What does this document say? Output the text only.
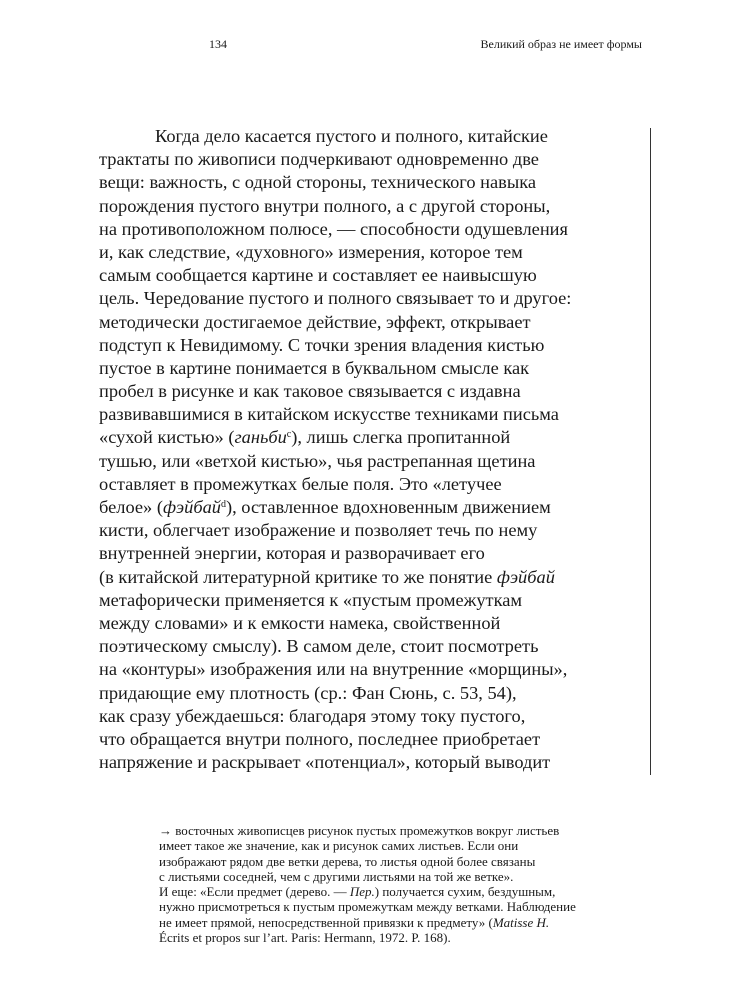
134	Великий образ не имеет формы
Когда дело касается пустого и полного, китайские
трактаты по живописи подчеркивают одновременно две
вещи: важность, с одной стороны, технического навыка
порождения пустого внутри полного, а с другой стороны,
на противоположном полюсе, — способности одушевления
и, как следствие, «духовного» измерения, которое тем
самым сообщается картине и составляет ее наивысшую
цель. Чередование пустого и полного связывает то и другое:
методически достигаемое действие, эффект, открывает
подступ к Невидимому. С точки зрения владения кистью
пустое в картине понимается в буквальном смысле как
пробел в рисунке и как таковое связывается с издавна
развивавшимися в китайском искусстве техниками письма
«сухой кистью» (ганьби$^c$), лишь слегка пропитанной
тушью, или «ветхой кистью», чья растрепанная щетина
оставляет в промежутках белые поля. Это «летучее
белое» (фэйбай$^d$), оставленное вдохновенным движением
кисти, облегчает изображение и позволяет течь по нему
внутренней энергии, которая и разворачивает его
(в китайской литературной критике то же понятие фэйбай
метафорически применяется к «пустым промежуткам
между словами» и к емкости намека, свойственной
поэтическому смыслу). В самом деле, стоит посмотреть
на «контуры» изображения или на внутренние «морщины»,
придающие ему плотность (ср.: Фан Сюнь, с. 53, 54),
как сразу убеждаешься: благодаря этому току пустого,
что обращается внутри полного, последнее приобретает
напряжение и раскрывает «потенциал», который выводит
→ восточных живописцев рисунок пустых промежутков вокруг листьев
имеет такое же значение, как и рисунок самих листьев. Если они
изображают рядом две ветки дерева, то листья одной более связаны
с листьями соседней, чем с другими листьями на той же ветке».
И еще: «Если предмет (дерево. — Пер.) получается сухим, бездушным,
нужно присмотреться к пустым промежуткам между ветками. Наблюдение
не имеет прямой, непосредственной привязки к предмету» (Matisse H.
Écrits et propos sur l’art. Paris: Hermann, 1972. P. 168).
